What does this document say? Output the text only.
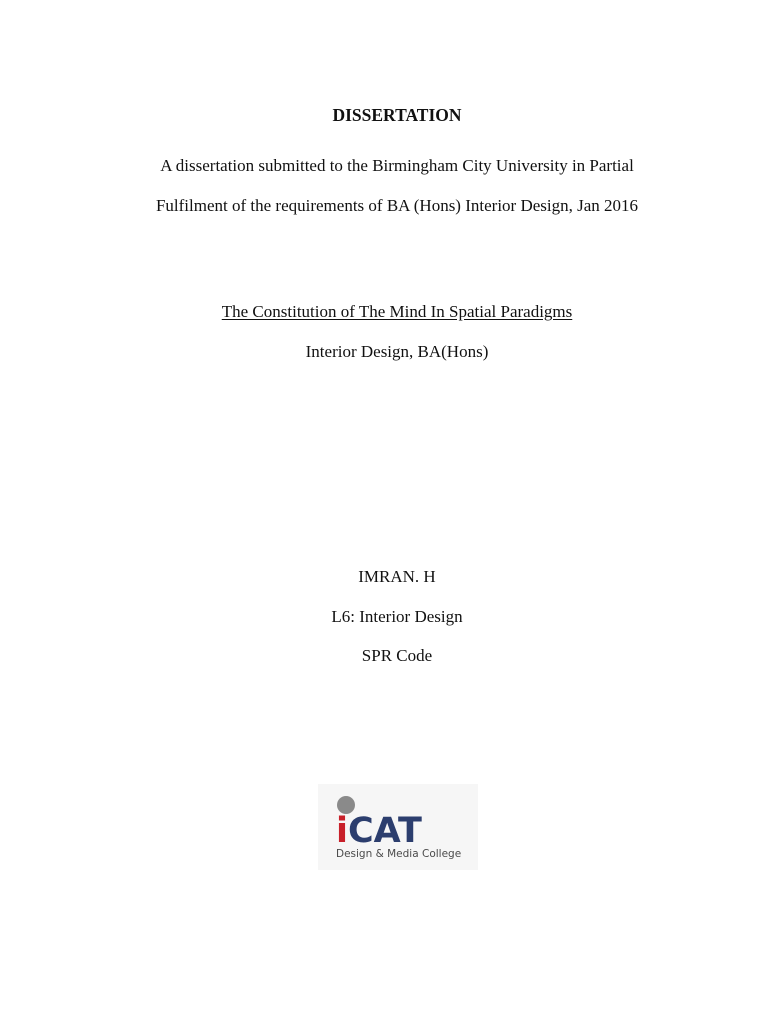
DISSERTATION
A dissertation submitted to the Birmingham City University in Partial
Fulfilment of the requirements of BA (Hons) Interior Design, Jan 2016
The Constitution of The Mind In Spatial Paradigms
Interior Design, BA(Hons)
IMRAN. H
L6: Interior Design
SPR Code
iCAT
Design & Media College
